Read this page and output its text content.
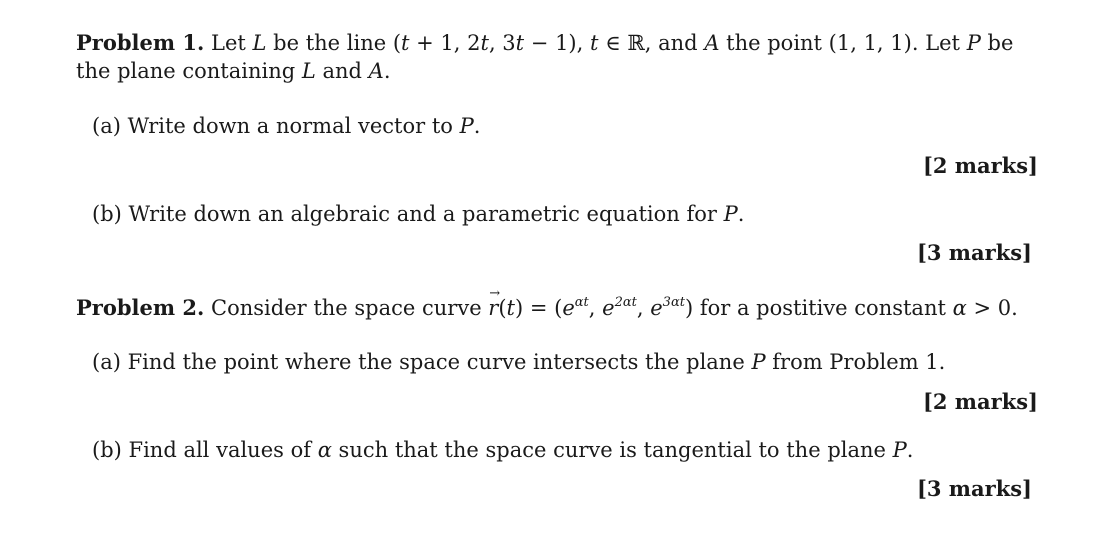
Problem 1. Let L be the line (t + 1, 2t, 3t − 1), t ∈ ℝ, and A the point (1, 1, 1). Let P be
the plane containing L and A.
(a) Write down a normal vector to P.
[2 marks]
(b) Write down an algebraic and a parametric equation for P.
[3 marks]
Problem 2. Consider the space curve → $r(t) = (e^{\alpha t}$, $e^{2\alpha t}$, $e^{3\alpha t}$) for a postitive constant α > 0.
(a) Find the point where the space curve intersects the plane P from Problem 1.
[2 marks]
(b) Find all values of α such that the space curve is tangential to the plane P.
[3 marks]
